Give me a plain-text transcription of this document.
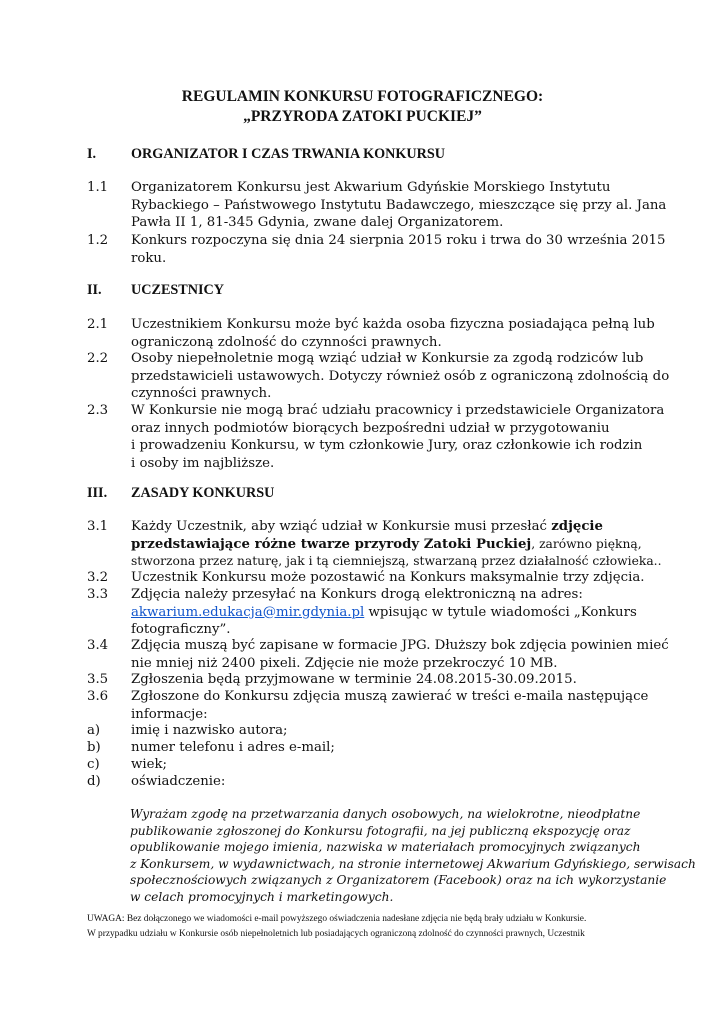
REGULAMIN KONKURSU FOTOGRAFICZNEGO:
„PRZYRODA ZATOKI PUCKIEJ”
I. ORGANIZATOR I CZAS TRWANIA KONKURSU
1.1 Organizatorem Konkursu jest Akwarium Gdyńskie Morskiego Instytutu
Rybackiego – Państwowego Instytutu Badawczego, mieszczące się przy al. Jana
Pawła II 1, 81-345 Gdynia, zwane dalej Organizatorem.
1.2 Konkurs rozpoczyna się dnia 24 sierpnia 2015 roku i trwa do 30 września 2015
roku.
II. UCZESTNICY
2.1 Uczestnikiem Konkursu może być każda osoba fizyczna posiadająca pełną lub
ograniczoną zdolność do czynności prawnych.
2.2 Osoby niepełnoletnie mogą wziąć udział w Konkursie za zgodą rodziców lub
przedstawicieli ustawowych. Dotyczy również osób z ograniczoną zdolnością do
czynności prawnych.
2.3 W Konkursie nie mogą brać udziału pracownicy i przedstawiciele Organizatora
oraz innych podmiotów biorących bezpośredni udział w przygotowaniu
i prowadzeniu Konkursu, w tym członkowie Jury, oraz członkowie ich rodzin
i osoby im najbliższe.
III. ZASADY KONKURSU
3.1 Każdy Uczestnik, aby wziąć udział w Konkursie musi przesłać zdjęcie
przedstawiające różne twarze przyrody Zatoki Puckiej, zarówno piękną,
stworzona przez naturę, jak i tą ciemniejszą, stwarzaną przez działalność człowieka..
3.2 Uczestnik Konkursu może pozostawić na Konkurs maksymalnie trzy zdjęcia.
3.3 Zdjęcia należy przesyłać na Konkurs drogą elektroniczną na adres:
akwarium.edukacja@mir.gdynia.pl wpisując w tytule wiadomości „Konkurs
fotograficzny”.
3.4 Zdjęcia muszą być zapisane w formacie JPG. Dłuższy bok zdjęcia powinien mieć
nie mniej niż 2400 pixeli. Zdjęcie nie może przekroczyć 10 MB.
3.5 Zgłoszenia będą przyjmowane w terminie 24.08.2015-30.09.2015.
3.6 Zgłoszone do Konkursu zdjęcia muszą zawierać w treści e-maila następujące
informacje:
a) imię i nazwisko autora;
b) numer telefonu i adres e-mail;
c) wiek;
d) oświadczenie:
Wyrażam zgodę na przetwarzania danych osobowych, na wielokrotne, nieodpłatne
publikowanie zgłoszonej do Konkursu fotografii, na jej publiczną ekspozycję oraz
opublikowanie mojego imienia, nazwiska w materiałach promocyjnych związanych
z Konkursem, w wydawnictwach, na stronie internetowej Akwarium Gdyńskiego, serwisach
społecznościowych związanych z Organizatorem (Facebook) oraz na ich wykorzystanie
w celach promocyjnych i marketingowych.
UWAGA: Bez dołączonego we wiadomości e-mail powyższego oświadczenia nadesłane zdjęcia nie będą brały udziału w Konkursie.
W przypadku udziału w Konkursie osób niepełnoletnich lub posiadających ograniczoną zdolność do czynności prawnych, Uczestnik
